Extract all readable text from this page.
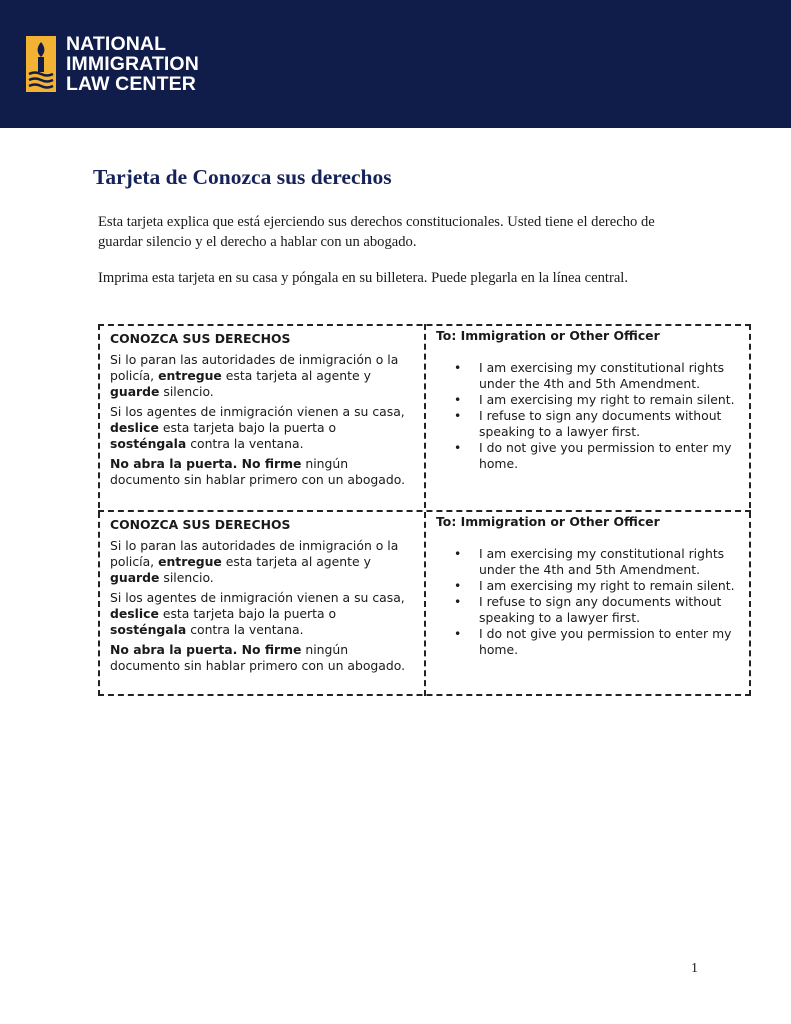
NATIONAL
IMMIGRATION
LAW CENTER
Tarjeta de Conozca sus derechos

Esta tarjeta explica que está ejerciendo sus derechos constitucionales. Usted tiene el derecho de guardar silencio y el derecho a hablar con un abogado.

Imprima esta tarjeta en su casa y póngala en su billetera. Puede plegarla en la línea central.

CONOZCA SUS DERECHOS

Si lo paran las autoridades de inmigración o la policía, entregue esta tarjeta al agente y guarde silencio.

Si los agentes de inmigración vienen a su casa, deslice esta tarjeta bajo la puerta o sosténgala contra la ventana.

No abra la puerta. No firme ningún documento sin hablar primero con un abogado.

To: Immigration or Other Officer

• I am exercising my constitutional rights under the 4th and 5th Amendment.
• I am exercising my right to remain silent.
• I refuse to sign any documents without speaking to a lawyer first.
• I do not give you permission to enter my home.

CONOZCA SUS DERECHOS

Si lo paran las autoridades de inmigración o la policía, entregue esta tarjeta al agente y guarde silencio.

Si los agentes de inmigración vienen a su casa, deslice esta tarjeta bajo la puerta o sosténgala contra la ventana.

No abra la puerta. No firme ningún documento sin hablar primero con un abogado.

To: Immigration or Other Officer

• I am exercising my constitutional rights under the 4th and 5th Amendment.
• I am exercising my right to remain silent.
• I refuse to sign any documents without speaking to a lawyer first.
• I do not give you permission to enter my home.
1
